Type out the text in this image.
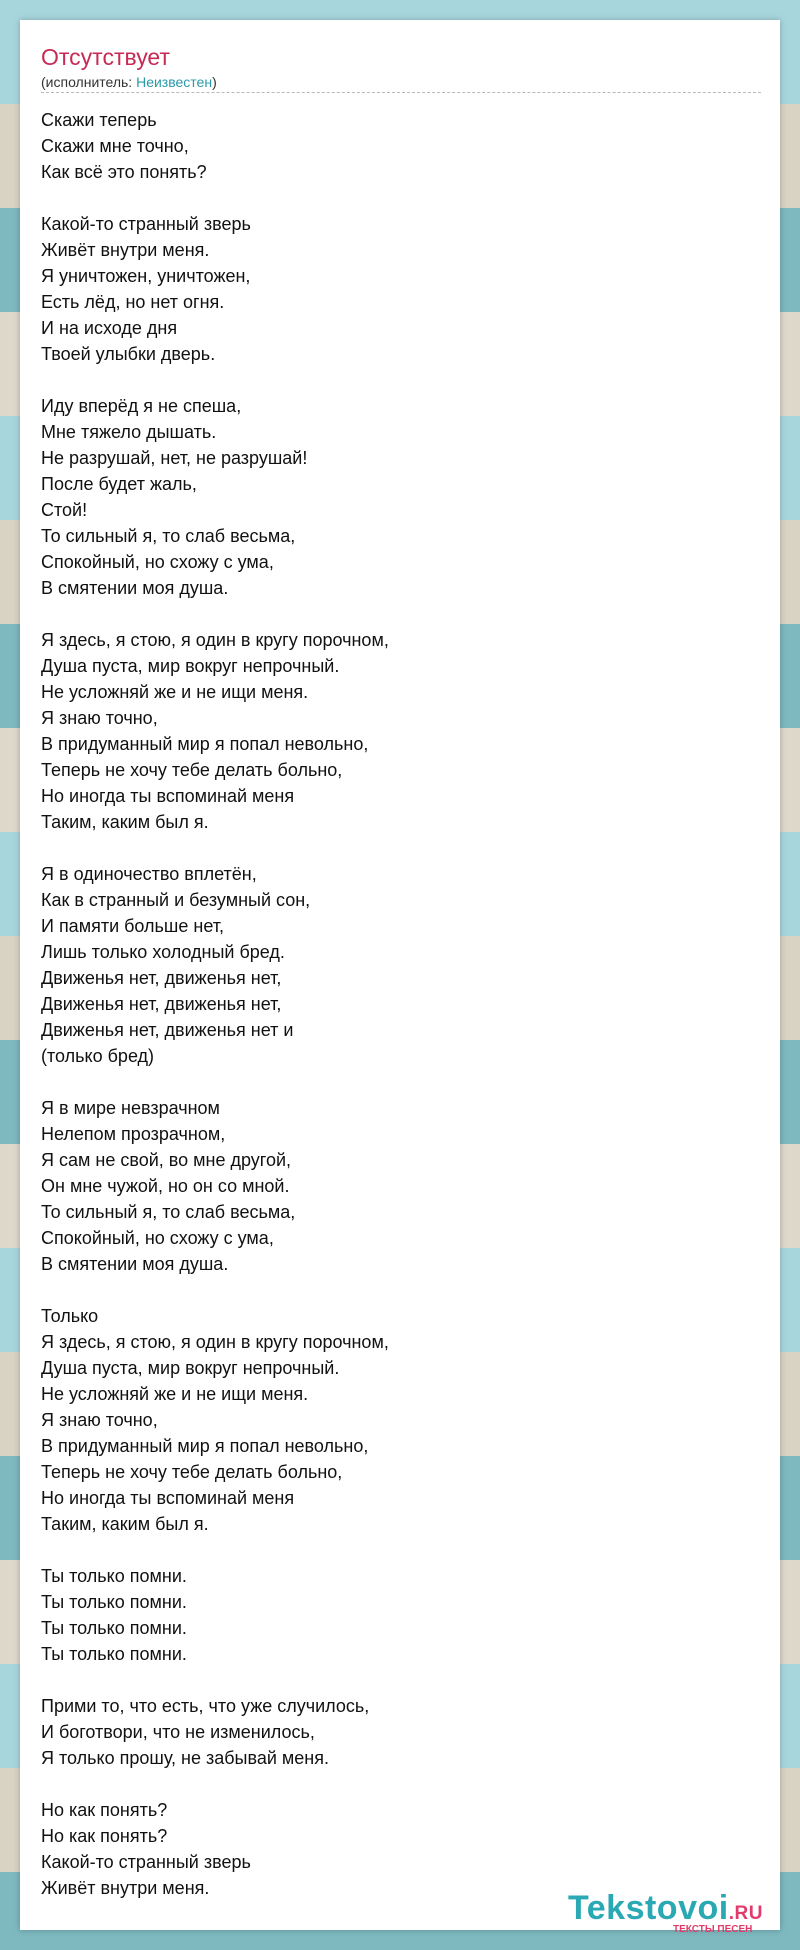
Отсутствует
(исполнитель: Неизвестен)
Скажи теперь
Скажи мне точно,
Как всё это понять?
Какой-то странный зверь
Живёт внутри меня.
Я уничтожен, уничтожен,
Есть лёд, но нет огня.
И на исходе дня
Твоей улыбки дверь.
Иду вперёд я не спеша,
Мне тяжело дышать.
Не разрушай, нет, не разрушай!
После будет жаль,
Стой!
То сильный я, то слаб весьма,
Спокойный, но схожу с ума,
В смятении моя душа.
Я здесь, я стою, я один в кругу порочном,
Душа пуста, мир вокруг непрочный.
Не усложняй же и не ищи меня.
Я знаю точно,
В придуманный мир я попал невольно,
Теперь не хочу тебе делать больно,
Но иногда ты вспоминай меня
Таким, каким был я.
Я в одиночество вплетён,
Как в странный и безумный сон,
И памяти больше нет,
Лишь только холодный бред.
Движенья нет, движенья нет,
Движенья нет, движенья нет,
Движенья нет, движенья нет и
(только бред)
Я в мире невзрачном
Нелепом прозрачном,
Я сам не свой, во мне другой,
Он мне чужой, но он со мной.
То сильный я, то слаб весьма,
Спокойный, но схожу с ума,
В смятении моя душа.
Только
Я здесь, я стою, я один в кругу порочном,
Душа пуста, мир вокруг непрочный.
Не усложняй же и не ищи меня.
Я знаю точно,
В придуманный мир я попал невольно,
Теперь не хочу тебе делать больно,
Но иногда ты вспоминай меня
Таким, каким был я.
Ты только помни.
Ты только помни.
Ты только помни.
Ты только помни.
Прими то, что есть, что уже случилось,
И боготвори, что не изменилось,
Я только прошу, не забывай меня.
Но как понять?
Но как понять?
Какой-то странный зверь
Живёт внутри меня.
Tekstovoi.RU
ТЕКСТЫ ПЕСЕН
